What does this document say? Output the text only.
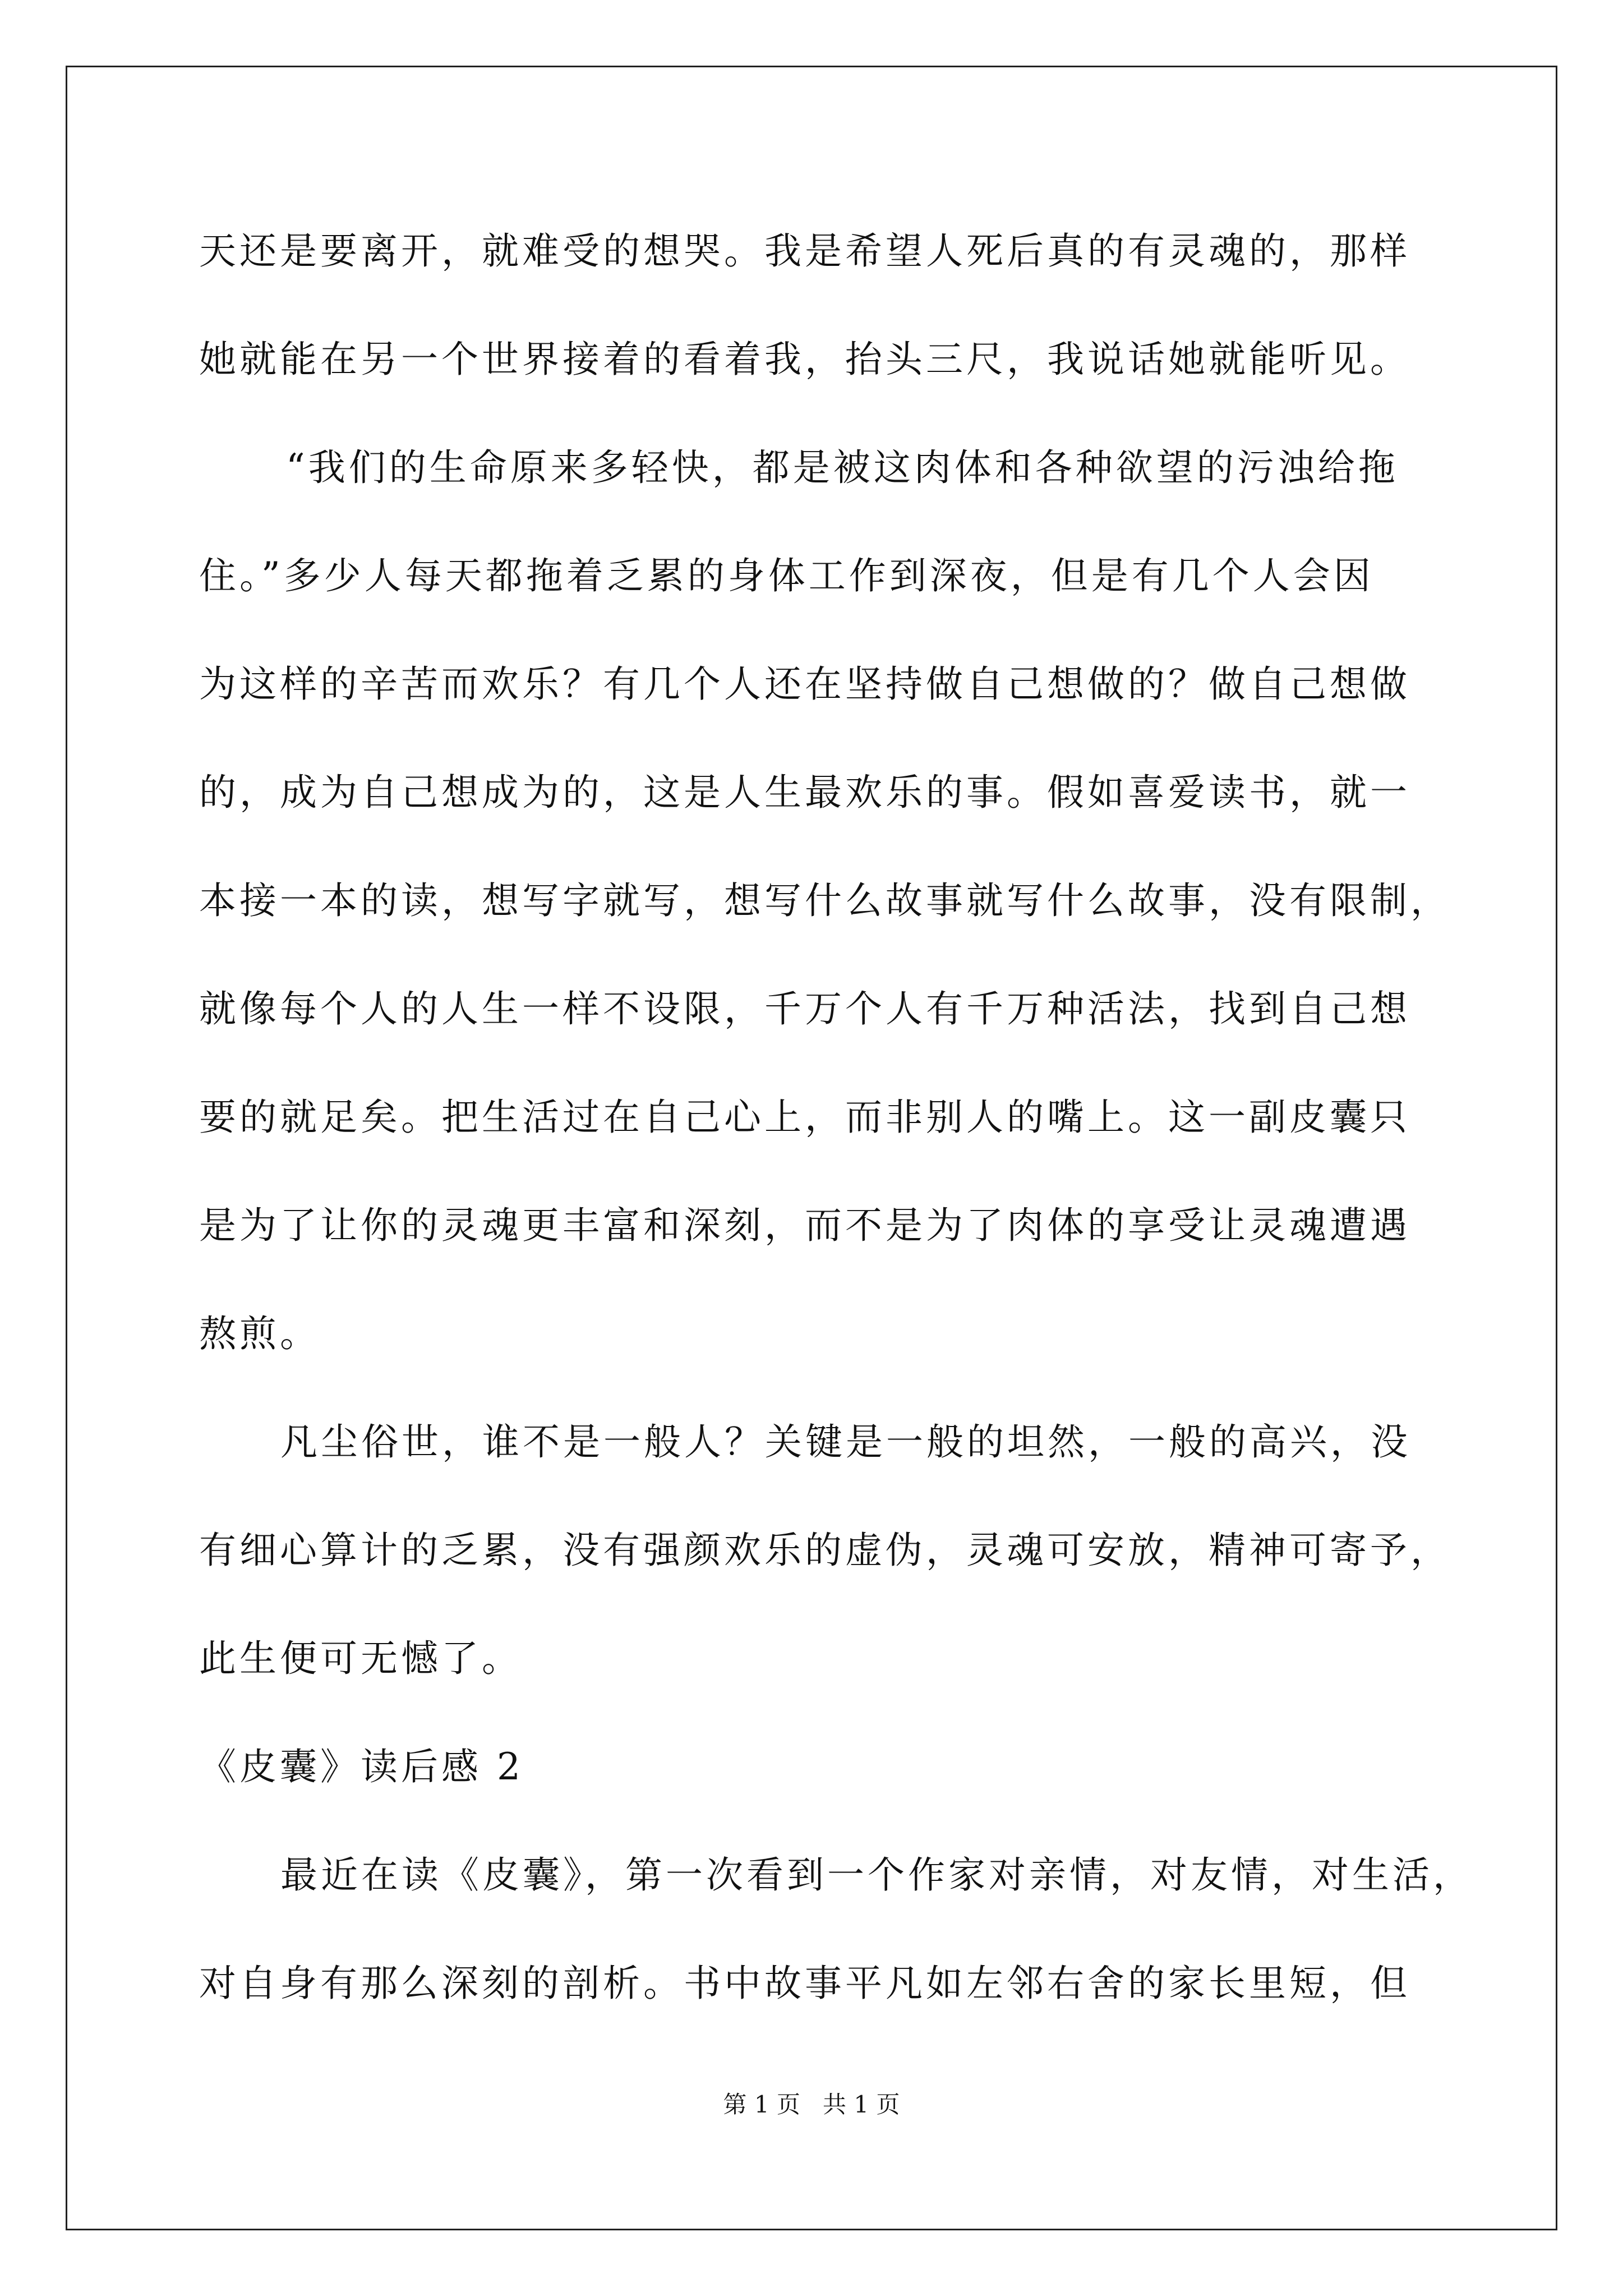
天还是要离开，就难受的想哭。我是希望人死后真的有灵魂的，那样
她就能在另一个世界接着的看着我，抬头三尺，我说话她就能听见。
“我们的生命原来多轻快，都是被这肉体和各种欲望的污浊给拖
住。”多少人每天都拖着乏累的身体工作到深夜，但是有几个人会因
为这样的辛苦而欢乐？有几个人还在坚持做自己想做的？做自己想做
的，成为自己想成为的，这是人生最欢乐的事。假如喜爱读书，就一
本接一本的读，想写字就写，想写什么故事就写什么故事，没有限制，
就像每个人的人生一样不设限，千万个人有千万种活法，找到自己想
要的就足矣。把生活过在自己心上，而非别人的嘴上。这一副皮囊只
是为了让你的灵魂更丰富和深刻，而不是为了肉体的享受让灵魂遭遇
熬煎。
凡尘俗世，谁不是一般人？关键是一般的坦然，一般的高兴，没
有细心算计的乏累，没有强颜欢乐的虚伪，灵魂可安放，精神可寄予，
此生便可无憾了。
《皮囊》读后感 2
最近在读《皮囊》，第一次看到一个作家对亲情，对友情，对生活，
对自身有那么深刻的剖析。书中故事平凡如左邻右舍的家长里短，但
第 1 页   共 1 页
